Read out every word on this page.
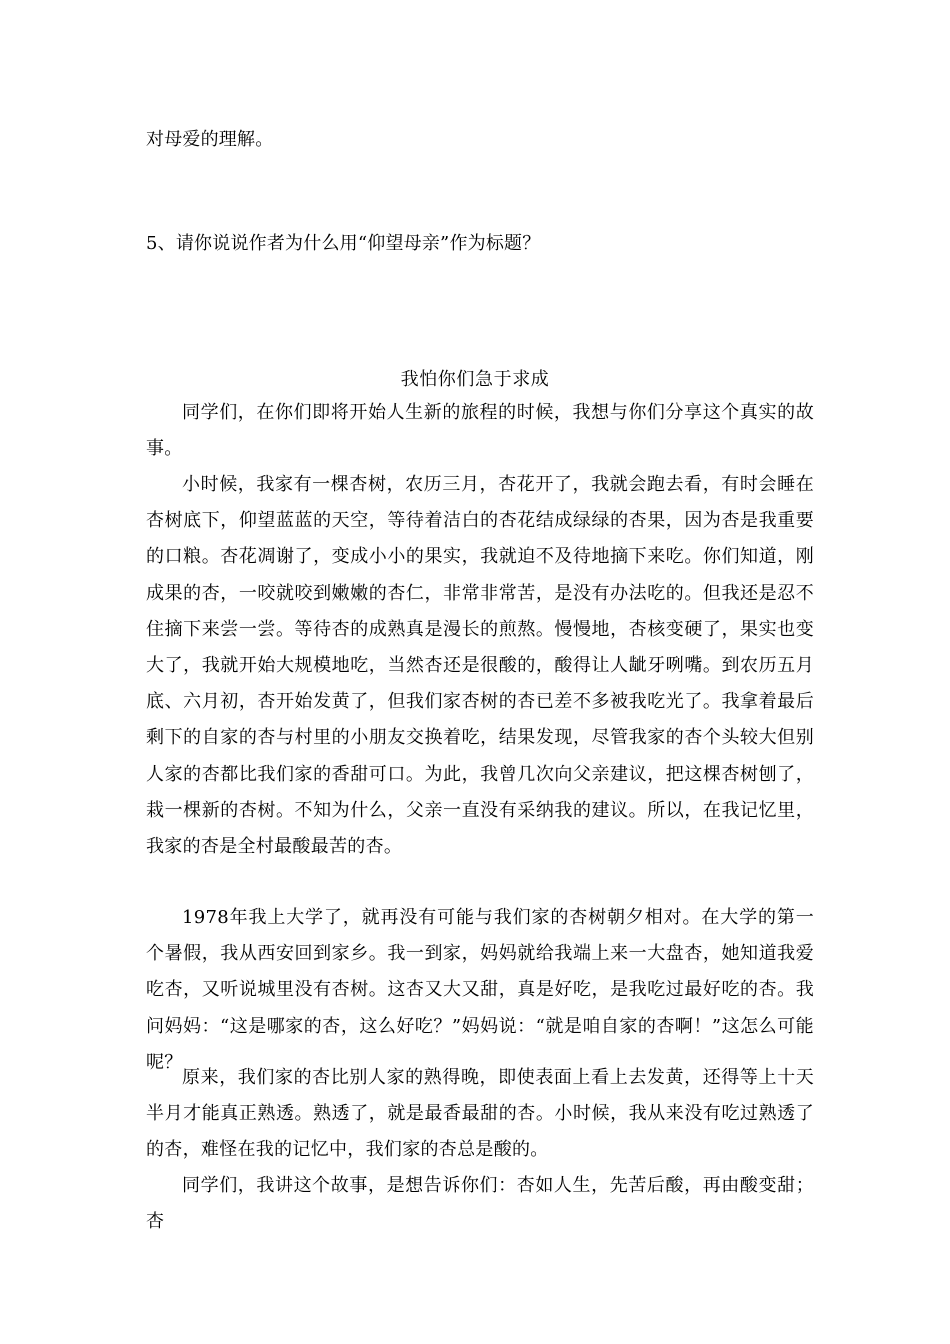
对母爱的理解。
5、请你说说作者为什么用“仰望母亲”作为标题？
我怕你们急于求成
同学们，在你们即将开始人生新的旅程的时候，我想与你们分享这个真实的故事。
小时候，我家有一棵杏树，农历三月，杏花开了，我就会跑去看，有时会睡在杏树底下，仰望蓝蓝的天空，等待着洁白的杏花结成绿绿的杏果，因为杏是我重要的口粮。杏花凋谢了，变成小小的果实，我就迫不及待地摘下来吃。你们知道，刚成果的杏，一咬就咬到嫩嫩的杏仁，非常非常苦，是没有办法吃的。但我还是忍不住摘下来尝一尝。等待杏的成熟真是漫长的煎熬。慢慢地，杏核变硬了，果实也变大了，我就开始大规模地吃，当然杏还是很酸的，酸得让人龇牙咧嘴。到农历五月底、六月初，杏开始发黄了，但我们家杏树的杏已差不多被我吃光了。我拿着最后剩下的自家的杏与村里的小朋友交换着吃，结果发现，尽管我家的杏个头较大但别人家的杏都比我们家的香甜可口。为此，我曾几次向父亲建议，把这棵杏树刨了，栽一棵新的杏树。不知为什么，父亲一直没有采纳我的建议。所以，在我记忆里，我家的杏是全村最酸最苦的杏。
1978年我上大学了，就再没有可能与我们家的杏树朝夕相对。在大学的第一个暑假，我从西安回到家乡。我一到家，妈妈就给我端上来一大盘杏，她知道我爱吃杏，又听说城里没有杏树。这杏又大又甜，真是好吃，是我吃过最好吃的杏。我问妈妈：“这是哪家的杏，这么好吃？”妈妈说：“就是咱自家的杏啊！”这怎么可能呢？
原来，我们家的杏比别人家的熟得晚，即使表面上看上去发黄，还得等上十天半月才能真正熟透。熟透了，就是最香最甜的杏。小时候，我从来没有吃过熟透了的杏，难怪在我的记忆中，我们家的杏总是酸的。
同学们，我讲这个故事，是想告诉你们：杏如人生，先苦后酸，再由酸变甜；杏
